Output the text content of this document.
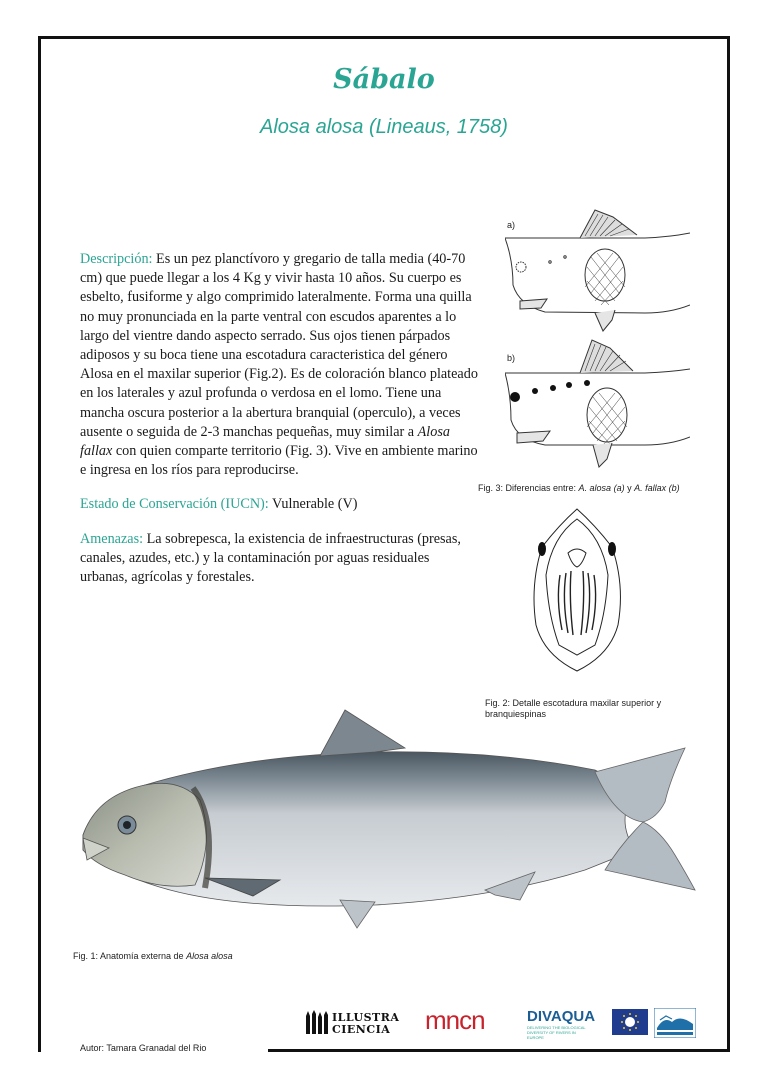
Sábalo
Alosa alosa (Lineaus, 1758)

Descripción: Es un pez planctívoro y gregario de talla media (40-70 cm) que puede llegar a los 4 Kg y vivir hasta 10 años. Su cuerpo es esbelto, fusiforme y algo comprimido lateralmente. Forma una quilla no muy pronunciada en la parte ventral con escudos aparentes a lo largo del vientre dando aspecto serrado. Sus ojos tienen párpados adiposos y su boca tiene una escotadura caracteristica del género Alosa en el maxilar superior (Fig.2). Es de coloración blanco plateado en los laterales y azul profunda o verdosa en el lomo. Tiene una mancha oscura posterior a la abertura branquial (operculo), a veces ausente o seguida de 2-3 manchas pequeñas, muy similar a Alosa fallax con quien comparte territorio (Fig. 3). Vive en ambiente marino e ingresa en los ríos para reproducirse.

Estado de Conservación (IUCN): Vulnerable (V)

Amenazas: La sobrepesca, la existencia de infraestructuras (presas, canales, azudes, etc.) y la contaminación por aguas residuales urbanas, agrícolas y forestales.

a)
b)
Fig. 3: Diferencias entre: A. alosa (a) y A. fallax (b)
Fig. 2: Detalle escotadura maxilar superior y branquiespinas
Fig. 1: Anatomía externa de Alosa alosa
ILLUSTRA
CIENCIA	mncn	DIVAQUA
DELIVERING THE BIOLOGICAL DIVERSITY OF RIVERS IN EUROPE
Autor: Tamara Granadal del Rio
